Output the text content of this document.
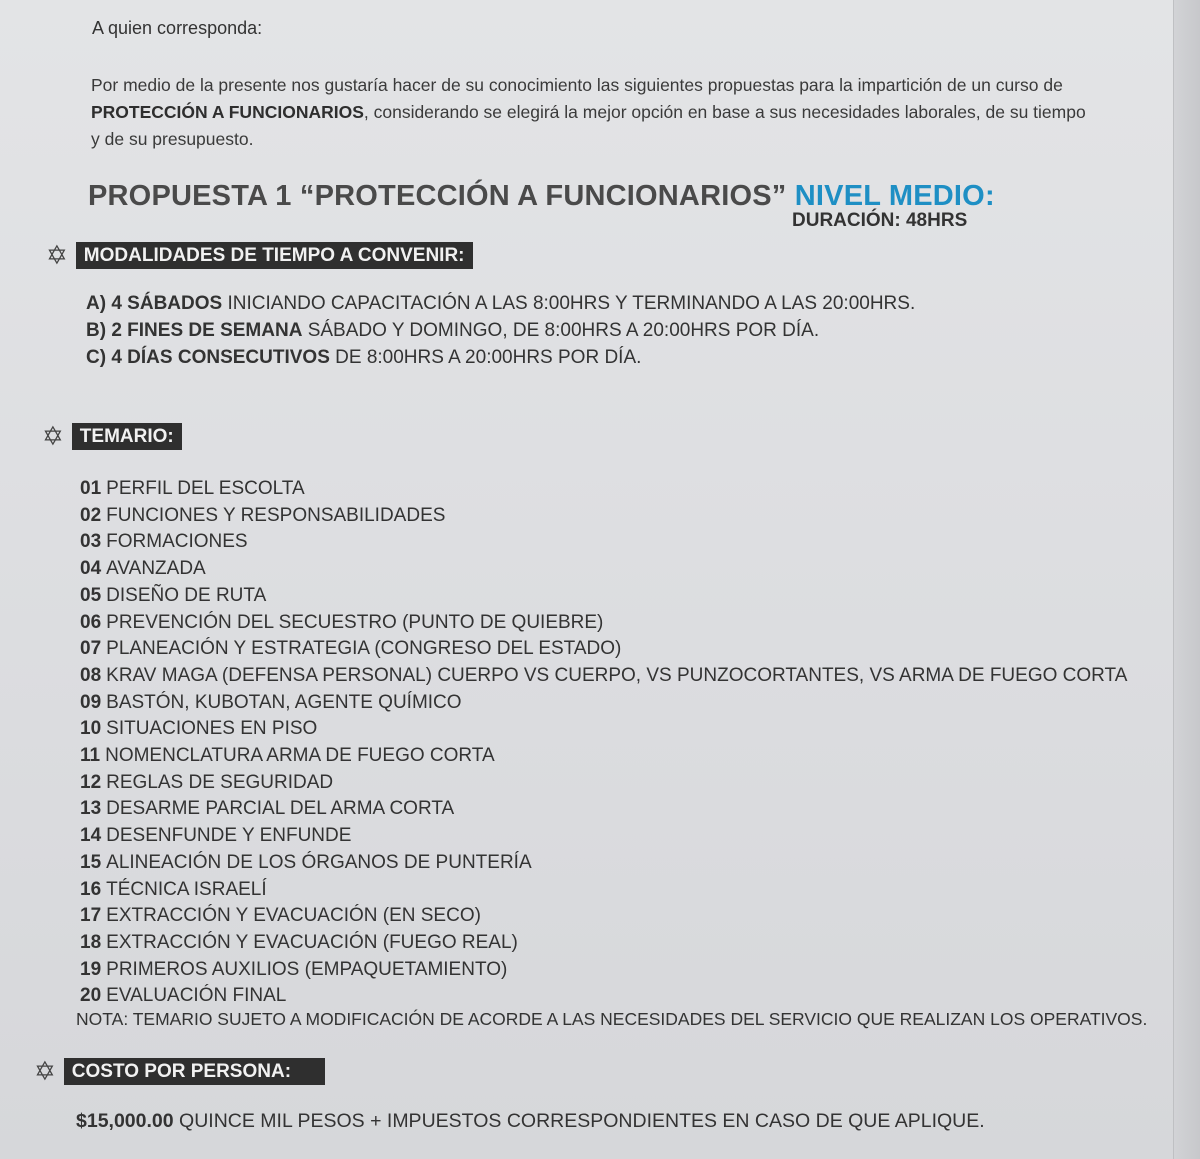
A quien corresponda:
Por medio de la presente nos gustaría hacer de su conocimiento las siguientes propuestas para la impartición de un curso de PROTECCIÓN A FUNCIONARIOS, considerando se elegirá la mejor opción en base a sus necesidades laborales, de su tiempo y de su presupuesto.
PROPUESTA 1 “PROTECCIÓN A FUNCIONARIOS” NIVEL MEDIO:
DURACIÓN: 48HRS
✡ MODALIDADES DE TIEMPO A CONVENIR:
A) 4 SÁBADOS INICIANDO CAPACITACIÓN A LAS 8:00HRS Y TERMINANDO A LAS 20:00HRS.
B) 2 FINES DE SEMANA SÁBADO Y DOMINGO, DE 8:00HRS A 20:00HRS POR DÍA.
C) 4 DÍAS CONSECUTIVOS DE 8:00HRS A 20:00HRS POR DÍA.
✡ TEMARIO:
01 PERFIL DEL ESCOLTA
02 FUNCIONES Y RESPONSABILIDADES
03 FORMACIONES
04 AVANZADA
05 DISEÑO DE RUTA
06 PREVENCIÓN DEL SECUESTRO (PUNTO DE QUIEBRE)
07 PLANEACIÓN Y ESTRATEGIA (CONGRESO DEL ESTADO)
08 KRAV MAGA (DEFENSA PERSONAL) CUERPO VS CUERPO, VS PUNZOCORTANTES, VS ARMA DE FUEGO CORTA
09 BASTÓN, KUBOTAN, AGENTE QUÍMICO
10 SITUACIONES EN PISO
11 NOMENCLATURA ARMA DE FUEGO CORTA
12 REGLAS DE SEGURIDAD
13 DESARME PARCIAL DEL ARMA CORTA
14 DESENFUNDE Y ENFUNDE
15 ALINEACIÓN DE LOS ÓRGANOS DE PUNTERÍA
16 TÉCNICA ISRAELÍ
17 EXTRACCIÓN Y EVACUACIÓN (EN SECO)
18 EXTRACCIÓN Y EVACUACIÓN (FUEGO REAL)
19 PRIMEROS AUXILIOS (EMPAQUETAMIENTO)
20 EVALUACIÓN FINAL
NOTA: TEMARIO SUJETO A MODIFICACIÓN DE ACORDE A LAS NECESIDADES DEL SERVICIO QUE REALIZAN LOS OPERATIVOS.
✡ COSTO POR PERSONA:
$15,000.00 QUINCE MIL PESOS + IMPUESTOS CORRESPONDIENTES EN CASO DE QUE APLIQUE.
